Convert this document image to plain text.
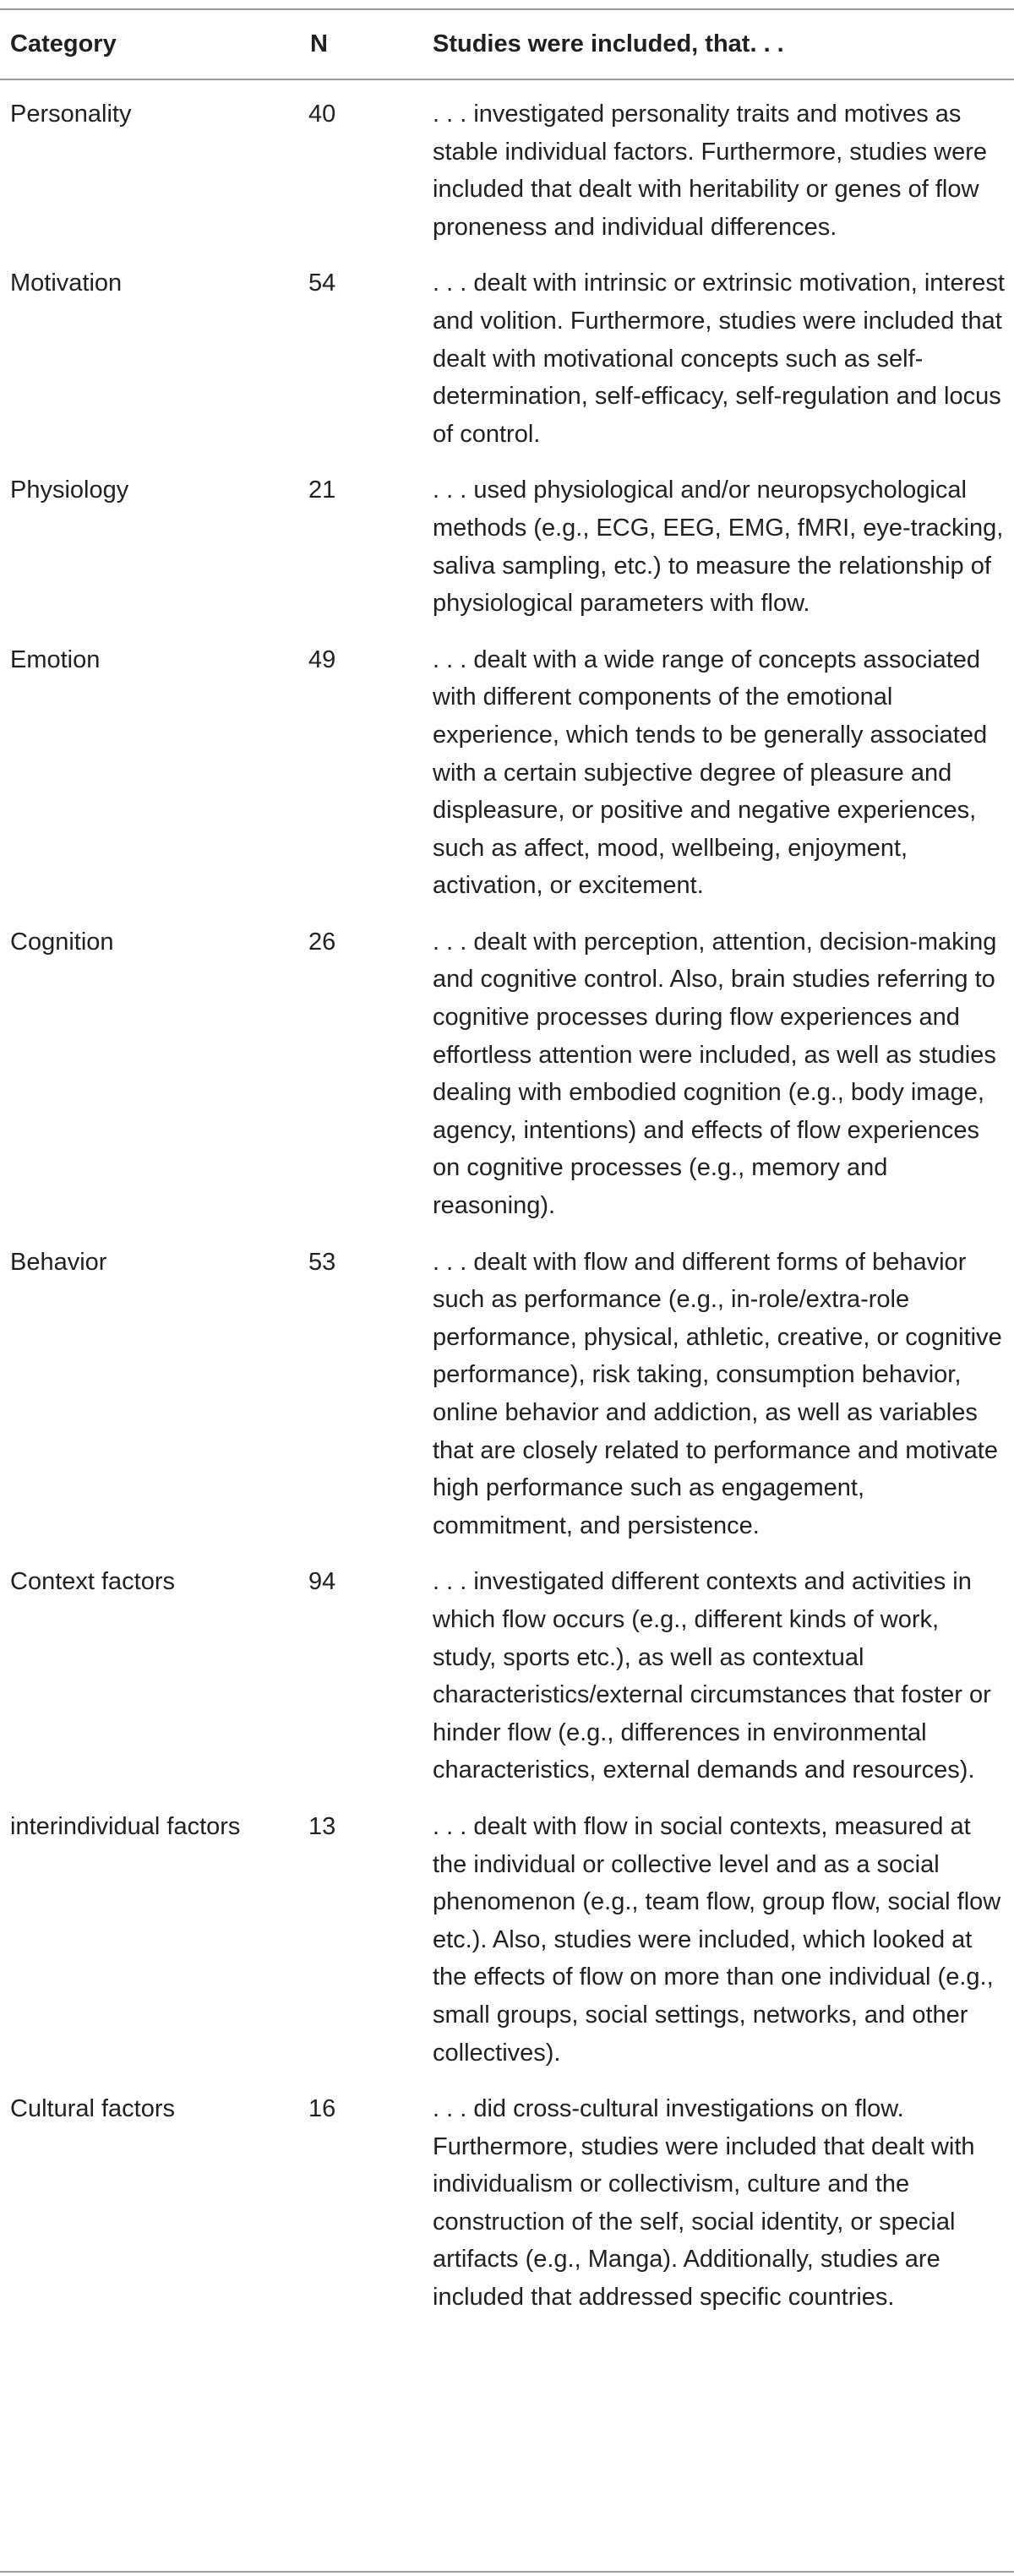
Category	N	Studies were included, that. . .
Personality	40	. . . investigated personality traits and motives as stable individual factors. Furthermore, studies were included that dealt with heritability or genes of flow proneness and individual differences.
Motivation	54	. . . dealt with intrinsic or extrinsic motivation, interest and volition. Furthermore, studies were included that dealt with motivational concepts such as self-determination, self-efficacy, self-regulation and locus of control.
Physiology	21	. . . used physiological and/or neuropsychological methods (e.g., ECG, EEG, EMG, fMRI, eye-tracking, saliva sampling, etc.) to measure the relationship of physiological parameters with flow.
Emotion	49	. . . dealt with a wide range of concepts associated with different components of the emotional experience, which tends to be generally associated with a certain subjective degree of pleasure and displeasure, or positive and negative experiences, such as affect, mood, wellbeing, enjoyment, activation, or excitement.
Cognition	26	. . . dealt with perception, attention, decision-making and cognitive control. Also, brain studies referring to cognitive processes during flow experiences and effortless attention were included, as well as studies dealing with embodied cognition (e.g., body image, agency, intentions) and effects of flow experiences on cognitive processes (e.g., memory and reasoning).
Behavior	53	. . . dealt with flow and different forms of behavior such as performance (e.g., in-role/extra-role performance, physical, athletic, creative, or cognitive performance), risk taking, consumption behavior, online behavior and addiction, as well as variables that are closely related to performance and motivate high performance such as engagement, commitment, and persistence.
Context factors	94	. . . investigated different contexts and activities in which flow occurs (e.g., different kinds of work, study, sports etc.), as well as contextual characteristics/external circumstances that foster or hinder flow (e.g., differences in environmental characteristics, external demands and resources).
interindividual factors	13	. . . dealt with flow in social contexts, measured at the individual or collective level and as a social phenomenon (e.g., team flow, group flow, social flow etc.). Also, studies were included, which looked at the effects of flow on more than one individual (e.g., small groups, social settings, networks, and other collectives).
Cultural factors	16	. . . did cross-cultural investigations on flow. Furthermore, studies were included that dealt with individualism or collectivism, culture and the construction of the self, social identity, or special artifacts (e.g., Manga). Additionally, studies are included that addressed specific countries.
